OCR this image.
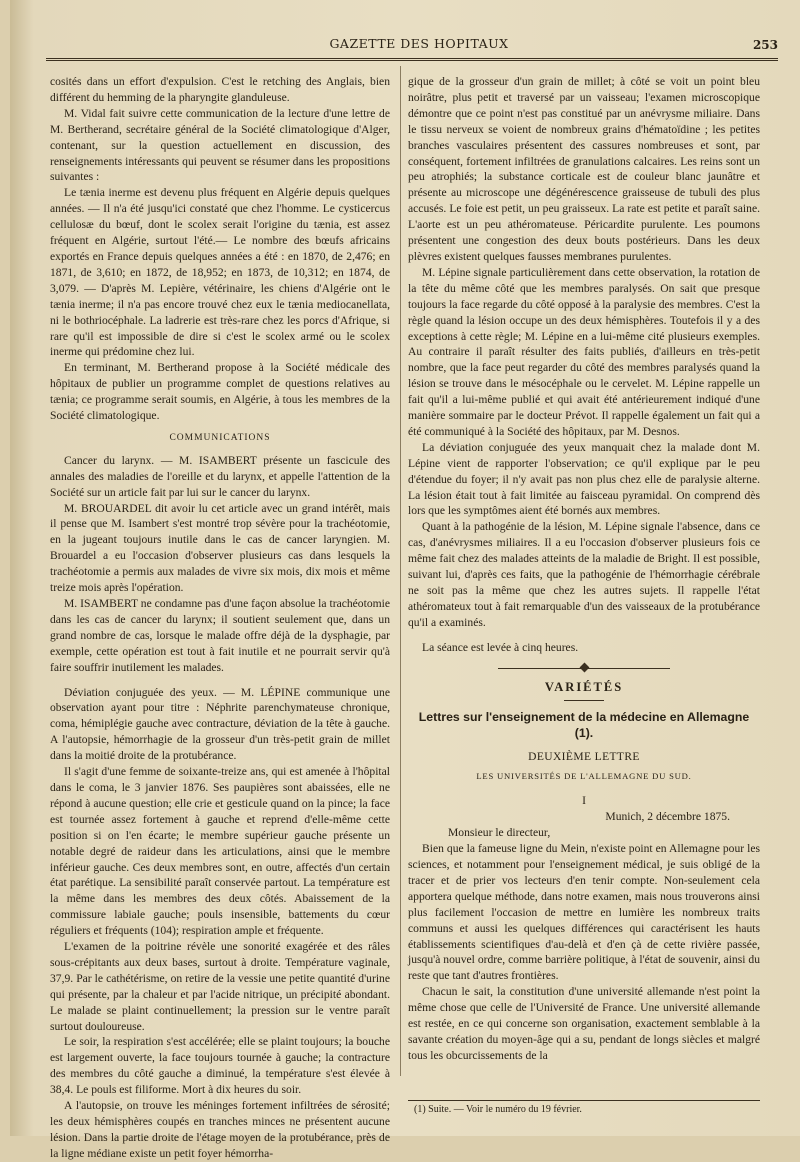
GAZETTE DES HOPITAUX	253

cosités dans un effort d'expulsion. C'est le retching des Anglais, bien différent du hemming de la pharyngite glanduleuse.

M. Vidal fait suivre cette communication de la lecture d'une lettre de M. Bertherand, secrétaire général de la Société climatologique d'Alger, contenant, sur la question actuellement en discussion, des renseignements intéressants qui peuvent se résumer dans les propositions suivantes :

Le tænia inerme est devenu plus fréquent en Algérie depuis quelques années. — Il n'a été jusqu'ici constaté que chez l'homme. Le cysticercus cellulosæ du bœuf, dont le scolex serait l'origine du tænia, est assez fréquent en Algérie, surtout l'été.— Le nombre des bœufs africains exportés en France depuis quelques années a été : en 1870, de 2,476; en 1871, de 3,610; en 1872, de 18,952; en 1873, de 10,312; en 1874, de 3,079. — D'après M. Lepière, vétérinaire, les chiens d'Algérie ont le tænia inerme; il n'a pas encore trouvé chez eux le tænia mediocanellata, ni le bothriocéphale. La ladrerie est très-rare chez les porcs d'Afrique, si rare qu'il est impossible de dire si c'est le scolex armé ou le scolex inerme qui prédomine chez lui.

En terminant, M. Bertherand propose à la Société médicale des hôpitaux de publier un programme complet de questions relatives au tænia; ce programme serait soumis, en Algérie, à tous les membres de la Société climatologique.

COMMUNICATIONS

Cancer du larynx. — M. ISAMBERT présente un fascicule des annales des maladies de l'oreille et du larynx, et appelle l'attention de la Société sur un article fait par lui sur le cancer du larynx.

M. BROUARDEL dit avoir lu cet article avec un grand intérêt, mais il pense que M. Isambert s'est montré trop sévère pour la trachéotomie, en la jugeant toujours inutile dans le cas de cancer laryngien. M. Brouardel a eu l'occasion d'observer plusieurs cas dans lesquels la trachéotomie a permis aux malades de vivre six mois, dix mois et même treize mois après l'opération.

M. ISAMBERT ne condamne pas d'une façon absolue la trachéotomie dans les cas de cancer du larynx; il soutient seulement que, dans un grand nombre de cas, lorsque le malade offre déjà de la dysphagie, par exemple, cette opération est tout à fait inutile et ne pourrait servir qu'à faire souffrir inutilement les malades.

Déviation conjuguée des yeux. — M. LÉPINE communique une observation ayant pour titre : Néphrite parenchymateuse chronique, coma, hémiplégie gauche avec contracture, déviation de la tête à gauche. A l'autopsie, hémorrhagie de la grosseur d'un très-petit grain de millet dans la moitié droite de la protubérance.

Il s'agit d'une femme de soixante-treize ans, qui est amenée à l'hôpital dans le coma, le 3 janvier 1876. Ses paupières sont abaissées, elle ne répond à aucune question; elle crie et gesticule quand on la pince; la face est tournée assez fortement à gauche et reprend d'elle-même cette position si on l'en écarte; le membre supérieur gauche présente un notable degré de raideur dans les articulations, ainsi que le membre inférieur gauche. Ces deux membres sont, en outre, affectés d'un certain état parétique. La sensibilité paraît conservée partout. La température est la même dans les membres des deux côtés. Abaissement de la commissure labiale gauche; pouls insensible, battements du cœur réguliers et fréquents (104); respiration ample et fréquente.

L'examen de la poitrine révèle une sonorité exagérée et des râles sous-crépitants aux deux bases, surtout à droite. Température vaginale, 37,9. Par le cathétérisme, on retire de la vessie une petite quantité d'urine qui présente, par la chaleur et par l'acide nitrique, un précipité abondant. Le malade se plaint continuellement; la pression sur le ventre paraît surtout douloureuse.

Le soir, la respiration s'est accélérée; elle se plaint toujours; la bouche est largement ouverte, la face toujours tournée à gauche; la contracture des membres du côté gauche a diminué, la température s'est élevée à 38,4. Le pouls est filiforme. Mort à dix heures du soir.

A l'autopsie, on trouve les méninges fortement infiltrées de sérosité; les deux hémisphères coupés en tranches minces ne présentent aucune lésion. Dans la partie droite de l'étage moyen de la protubérance, près de la ligne médiane existe un petit foyer hémorrha-

gique de la grosseur d'un grain de millet; à côté se voit un point bleu noirâtre, plus petit et traversé par un vaisseau; l'examen microscopique démontre que ce point n'est pas constitué par un anévrysme miliaire. Dans le tissu nerveux se voient de nombreux grains d'hématoïdine ; les petites branches vasculaires présentent des cassures nombreuses et sont, par conséquent, fortement infiltrées de granulations calcaires. Les reins sont un peu atrophiés; la substance corticale est de couleur blanc jaunâtre et présente au microscope une dégénérescence graisseuse de tubuli des plus accusés. Le foie est petit, un peu graisseux. La rate est petite et paraît saine. L'aorte est un peu athéromateuse. Péricardite purulente. Les poumons présentent une congestion des deux bouts postérieurs. Dans les deux plèvres existent quelques fausses membranes purulentes.

M. Lépine signale particulièrement dans cette observation, la rotation de la tête du même côté que les membres paralysés. On sait que presque toujours la face regarde du côté opposé à la paralysie des membres. C'est la règle quand la lésion occupe un des deux hémisphères. Toutefois il y a des exceptions à cette règle; M. Lépine en a lui-même cité plusieurs exemples. Au contraire il paraît résulter des faits publiés, d'ailleurs en très-petit nombre, que la face peut regarder du côté des membres paralysés quand la lésion se trouve dans le mésocéphale ou le cervelet. M. Lépine rappelle un fait qu'il a lui-même publié et qui avait été antérieurement indiqué d'une manière sommaire par le docteur Prévot. Il rappelle également un fait qui a été communiqué à la Société des hôpitaux, par M. Desnos.

La déviation conjuguée des yeux manquait chez la malade dont M. Lépine vient de rapporter l'observation; ce qu'il explique par le peu d'étendue du foyer; il n'y avait pas non plus chez elle de paralysie alterne. La lésion était tout à fait limitée au faisceau pyramidal. On comprend dès lors que les symptômes aient été bornés aux membres.

Quant à la pathogénie de la lésion, M. Lépine signale l'absence, dans ce cas, d'anévrysmes miliaires. Il a eu l'occasion d'observer plusieurs fois ce même fait chez des malades atteints de la maladie de Bright. Il est possible, suivant lui, d'après ces faits, que la pathogénie de l'hémorrhagie cérébrale ne soit pas la même que chez les autres sujets. Il rappelle l'état athéromateux tout à fait remarquable d'un des vaisseaux de la protubérance qu'il a examinés.

La séance est levée à cinq heures.

VARIÉTÉS
Lettres sur l'enseignement de la médecine en Allemagne (1).
DEUXIÈME LETTRE
LES UNIVERSITÉS DE L'ALLEMAGNE DU SUD.
I
Munich, 2 décembre 1875.

Monsieur le directeur,

Bien que la fameuse ligne du Mein, n'existe point en Allemagne pour les sciences, et notamment pour l'enseignement médical, je suis obligé de la tracer et de prier vos lecteurs d'en tenir compte. Non-seulement cela apportera quelque méthode, dans notre examen, mais nous trouverons ainsi plus facilement l'occasion de mettre en lumière les nombreux traits communs et aussi les quelques différences qui caractérisent les hauts établissements scientifiques d'au-delà et d'en çà de cette rivière passée, jusqu'à nouvel ordre, comme barrière politique, à l'état de souvenir, ainsi du reste que tant d'autres frontières.

Chacun le sait, la constitution d'une université allemande n'est point la même chose que celle de l'Université de France. Une université allemande est restée, en ce qui concerne son organisation, exactement semblable à la savante création du moyen-âge qui a su, pendant de longs siècles et malgré tous les obcurcissements de la

(1) Suite. — Voir le numéro du 19 février.
